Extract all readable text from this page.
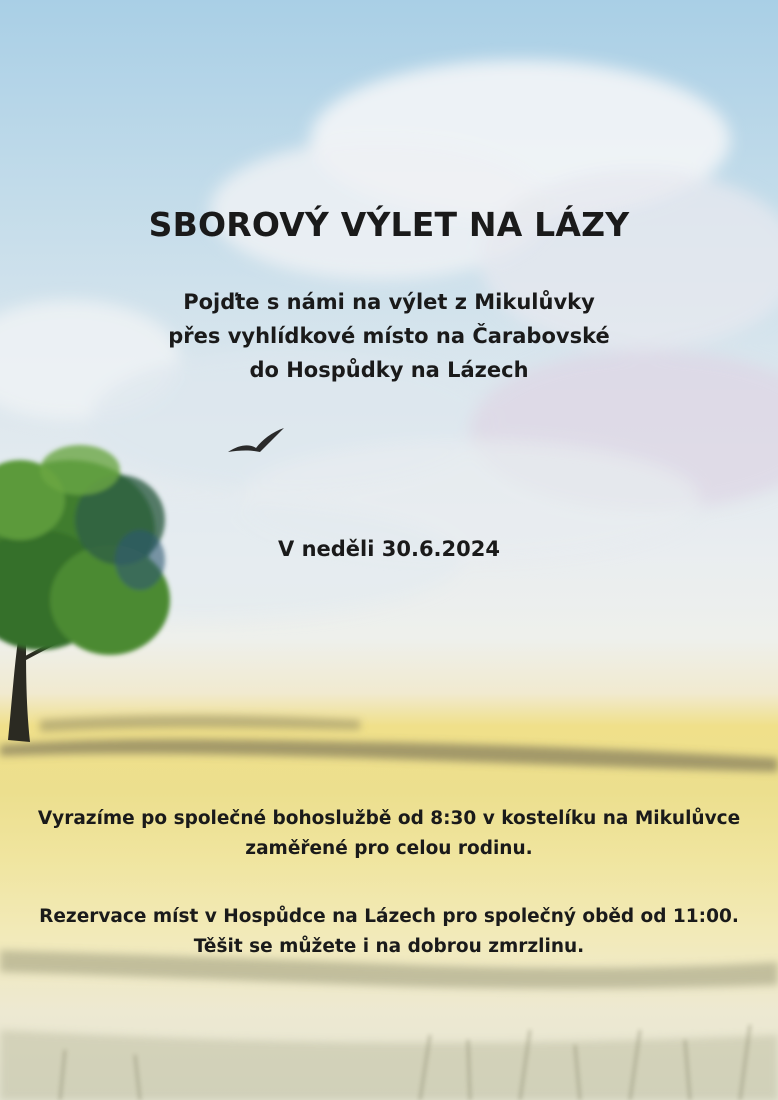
SBOROVÝ VÝLET NA LÁZY
Pojďte s námi na výlet z Mikulůvky
přes vyhlídkové místo na Čarabovské
do Hospůdky na Lázech
V neděli 30.6.2024
Vyrazíme po společné bohoslužbě od 8:30 v kostelíku na Mikulůvce
zaměřené pro celou rodinu.
Rezervace míst v Hospůdce na Lázech pro společný oběd od 11:00.
Těšit se můžete i na dobrou zmrzlinu.
